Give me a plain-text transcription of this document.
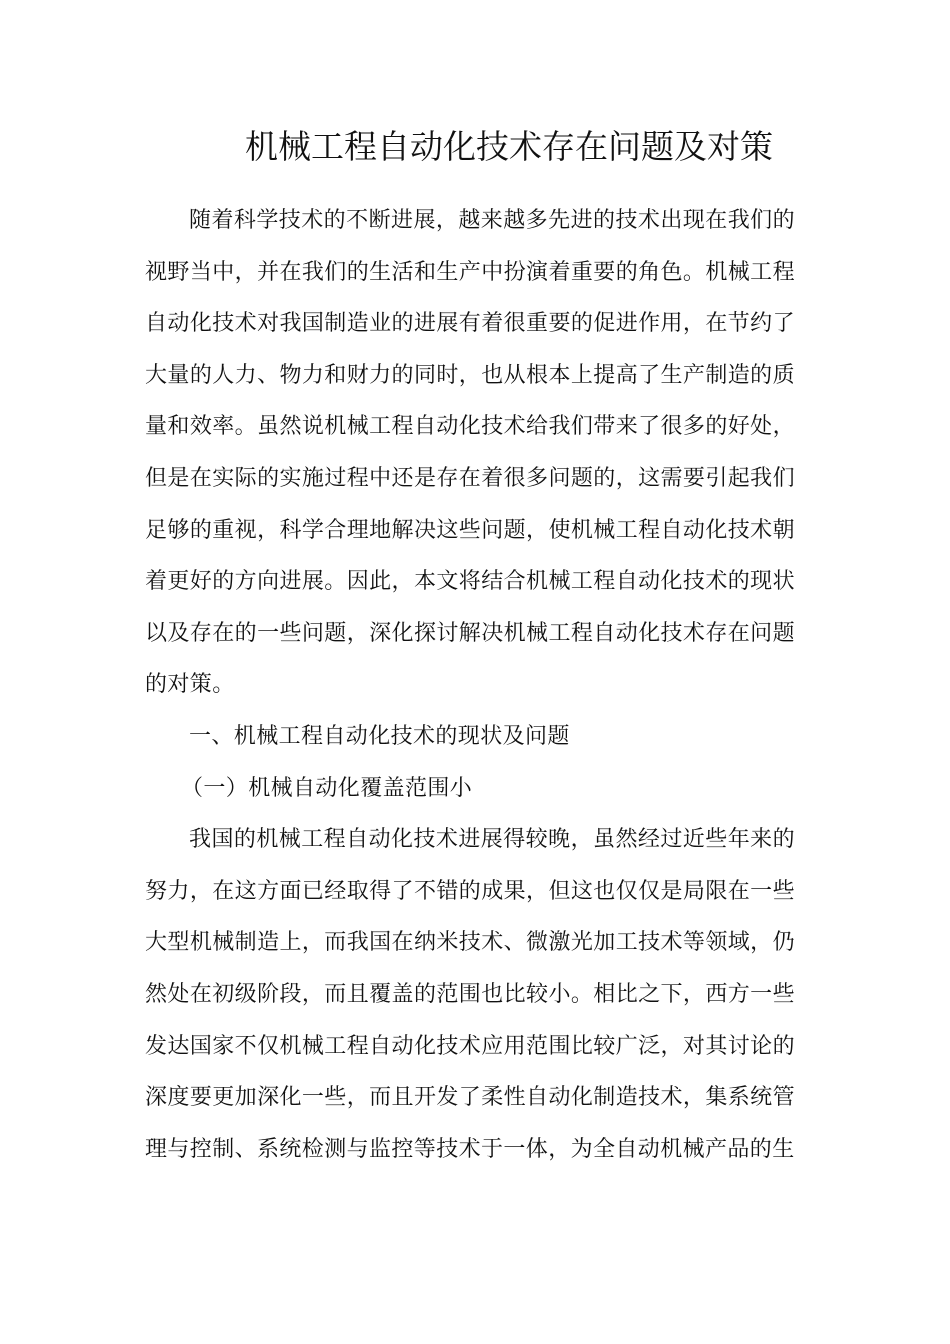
机械工程自动化技术存在问题及对策

随着科学技术的不断进展，越来越多先进的技术出现在我们的视野当中，并在我们的生活和生产中扮演着重要的角色。机械工程自动化技术对我国制造业的进展有着很重要的促进作用，在节约了大量的人力、物力和财力的同时，也从根本上提高了生产制造的质量和效率。虽然说机械工程自动化技术给我们带来了很多的好处，但是在实际的实施过程中还是存在着很多问题的，这需要引起我们足够的重视，科学合理地解决这些问题，使机械工程自动化技术朝着更好的方向进展。因此，本文将结合机械工程自动化技术的现状以及存在的一些问题，深化探讨解决机械工程自动化技术存在问题的对策。

一、机械工程自动化技术的现状及问题

（一）机械自动化覆盖范围小

我国的机械工程自动化技术进展得较晚，虽然经过近些年来的努力，在这方面已经取得了不错的成果，但这也仅仅是局限在一些大型机械制造上，而我国在纳米技术、微激光加工技术等领域，仍然处在初级阶段，而且覆盖的范围也比较小。相比之下，西方一些发达国家不仅机械工程自动化技术应用范围比较广泛，对其讨论的深度要更加深化一些，而且开发了柔性自动化制造技术，集系统管理与控制、系统检测与监控等技术于一体，为全自动机械产品的生
